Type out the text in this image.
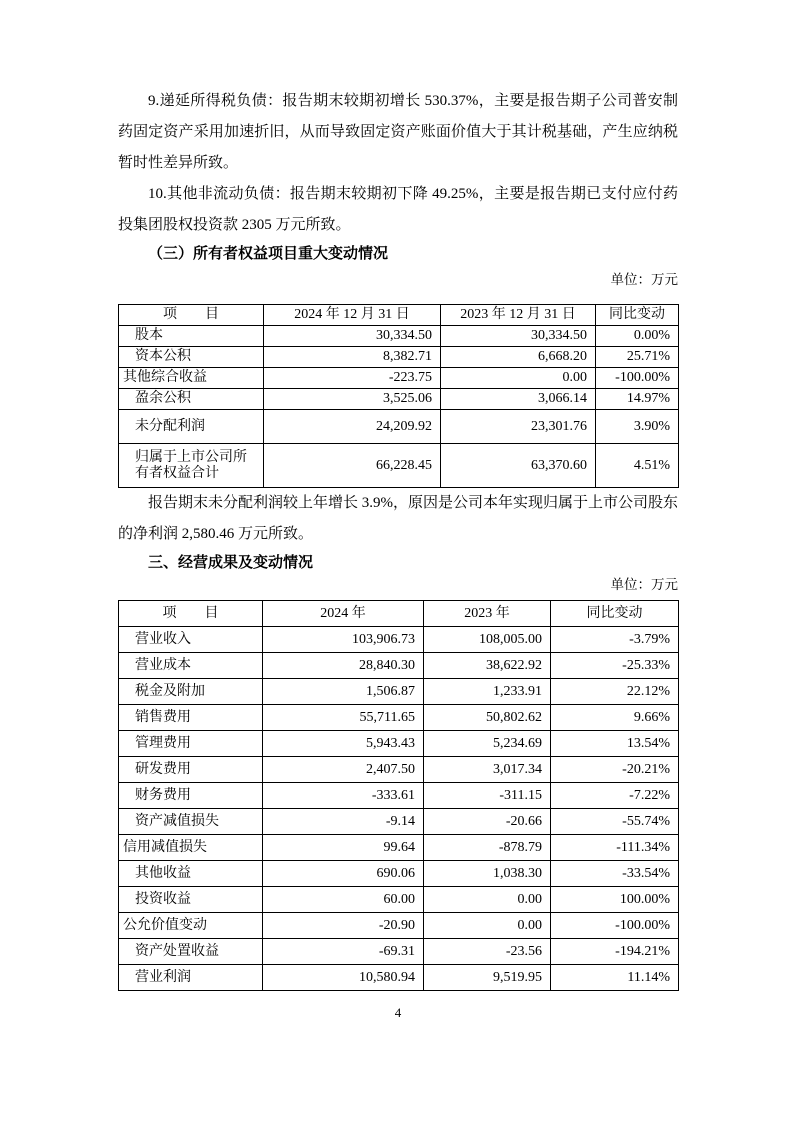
9.递延所得税负债：报告期末较期初增长 530.37%，主要是报告期子公司普安制药固定资产采用加速折旧，从而导致固定资产账面价值大于其计税基础，产生应纳税暂时性差异所致。

10.其他非流动负债：报告期末较期初下降 49.25%，主要是报告期已支付应付药投集团股权投资款 2305 万元所致。

（三）所有者权益项目重大变动情况
单位：万元
项　　目	2024 年 12 月 31 日	2023 年 12 月 31 日	同比变动
股本	30,334.50	30,334.50	0.00%
资本公积	8,382.71	6,668.20	25.71%
其他综合收益	-223.75	0.00	-100.00%
盈余公积	3,525.06	3,066.14	14.97%
未分配利润	24,209.92	23,301.76	3.90%
归属于上市公司所有者权益合计	66,228.45	63,370.60	4.51%

报告期末未分配利润较上年增长 3.9%，原因是公司本年实现归属于上市公司股东的净利润 2,580.46 万元所致。

三、经营成果及变动情况
单位：万元
项　　目	2024 年	2023 年	同比变动
营业收入	103,906.73	108,005.00	-3.79%
营业成本	28,840.30	38,622.92	-25.33%
税金及附加	1,506.87	1,233.91	22.12%
销售费用	55,711.65	50,802.62	9.66%
管理费用	5,943.43	5,234.69	13.54%
研发费用	2,407.50	3,017.34	-20.21%
财务费用	-333.61	-311.15	-7.22%
资产减值损失	-9.14	-20.66	-55.74%
信用减值损失	99.64	-878.79	-111.34%
其他收益	690.06	1,038.30	-33.54%
投资收益	60.00	0.00	100.00%
公允价值变动	-20.90	0.00	-100.00%
资产处置收益	-69.31	-23.56	-194.21%
营业利润	10,580.94	9,519.95	11.14%
4
